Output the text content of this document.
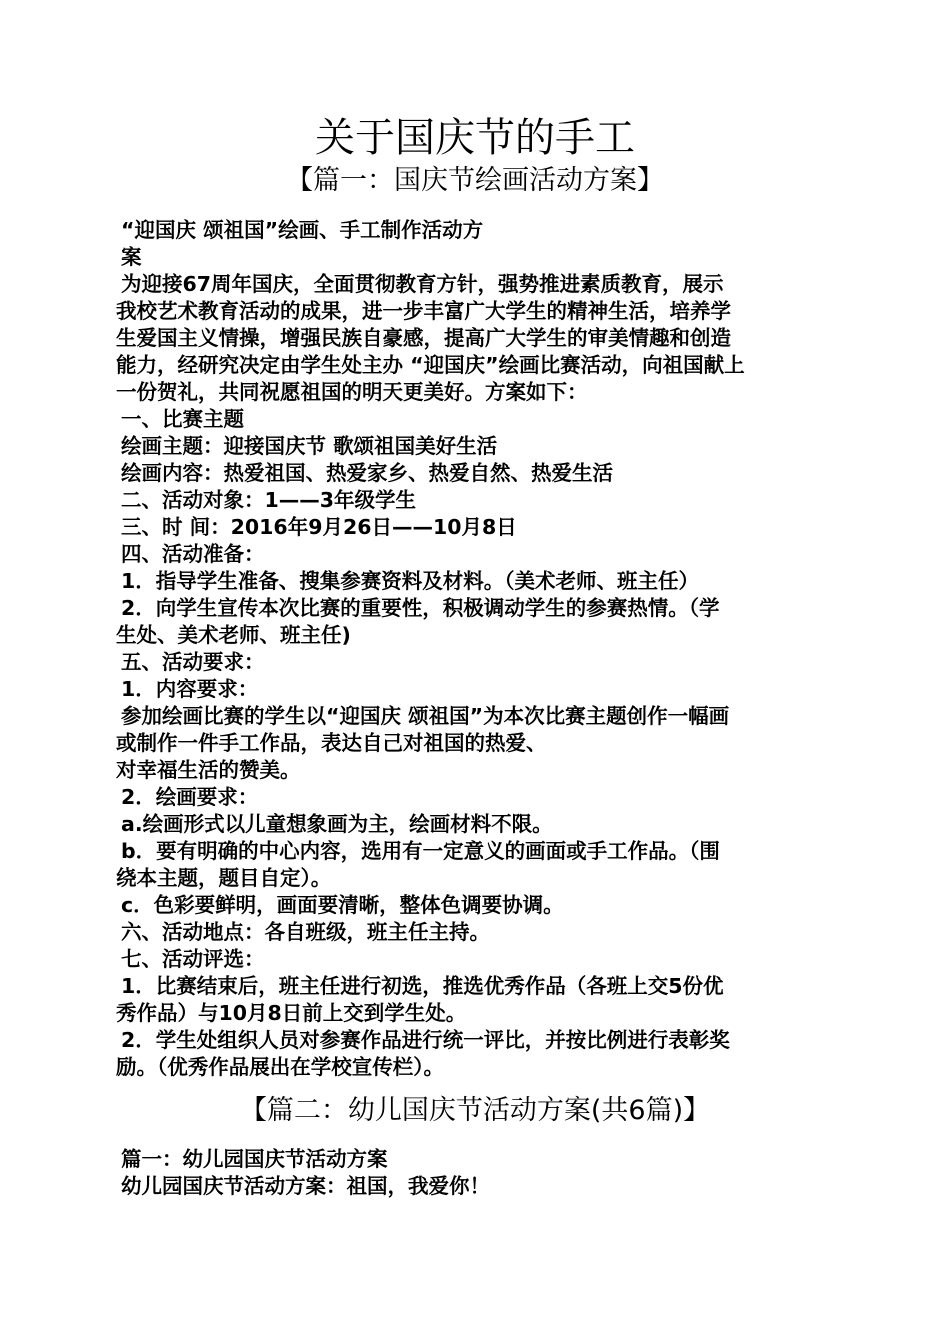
关于国庆节的手工
【篇一：国庆节绘画活动方案】
“迎国庆 颂祖国”绘画、手工制作活动方
案
为迎接67周年国庆，全面贯彻教育方针，强势推进素质教育，展示
我校艺术教育活动的成果，进一步丰富广大学生的精神生活，培养学
生爱国主义情操，增强民族自豪感，提高广大学生的审美情趣和创造
能力，经研究决定由学生处主办 “迎国庆”绘画比赛活动，向祖国献上
一份贺礼，共同祝愿祖国的明天更美好。方案如下：
一、比赛主题
绘画主题：迎接国庆节 歌颂祖国美好生活
绘画内容：热爱祖国、热爱家乡、热爱自然、热爱生活
二、活动对象：1——3年级学生
三、时 间：2016年9月26日——10月8日
四、活动准备：
1．指导学生准备、搜集参赛资料及材料。（美术老师、班主任）
2．向学生宣传本次比赛的重要性，积极调动学生的参赛热情。（学
生处、美术老师、班主任)
五、活动要求：
1．内容要求：
参加绘画比赛的学生以“迎国庆 颂祖国”为本次比赛主题创作一幅画
或制作一件手工作品，表达自己对祖国的热爱、
对幸福生活的赞美。
2．绘画要求：
a.绘画形式以儿童想象画为主，绘画材料不限。
b．要有明确的中心内容，选用有一定意义的画面或手工作品。（围
绕本主题，题目自定）。
c．色彩要鲜明，画面要清晰，整体色调要协调。
六、活动地点：各自班级，班主任主持。
七、活动评选：
1．比赛结束后，班主任进行初选，推选优秀作品（各班上交5份优
秀作品）与10月8日前上交到学生处。
2．学生处组织人员对参赛作品进行统一评比，并按比例进行表彰奖
励。（优秀作品展出在学校宣传栏）。
【篇二：幼儿国庆节活动方案(共6篇)】
篇一：幼儿园国庆节活动方案
幼儿园国庆节活动方案：祖国，我爱你！
